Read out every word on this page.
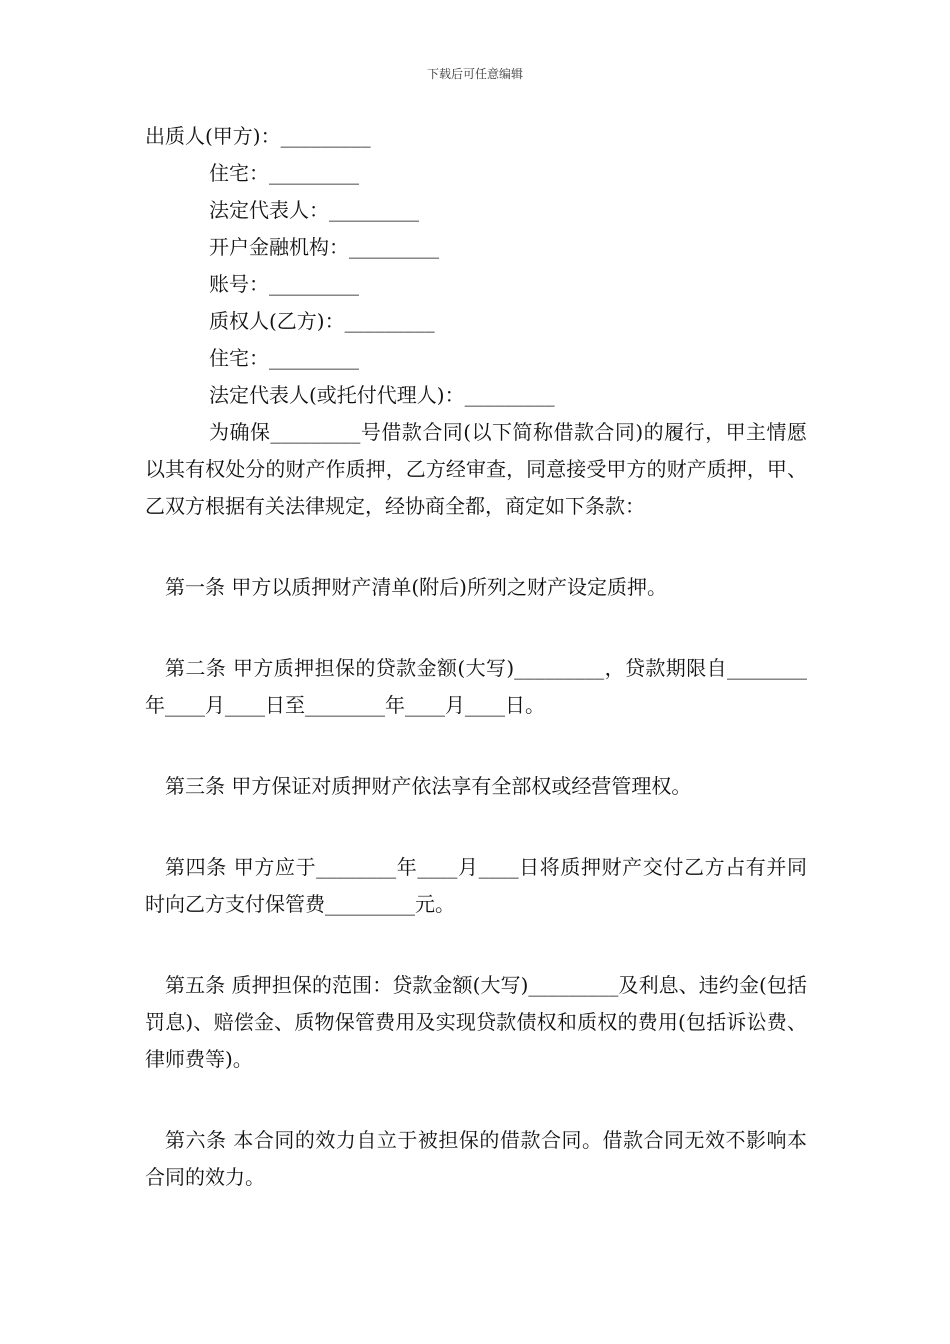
下载后可任意编辑
出质人(甲方)：_________
住宅：_________
法定代表人：_________
开户金融机构：_________
账号：_________
质权人(乙方)：_________
住宅：_________
法定代表人(或托付代理人)：_________
为确保_________号借款合同(以下简称借款合同)的履行，甲主情愿以其有权处分的财产作质押，乙方经审查，同意接受甲方的财产质押，甲、乙双方根据有关法律规定，经协商全都，商定如下条款：
第一条 甲方以质押财产清单(附后)所列之财产设定质押。
第二条 甲方质押担保的贷款金额(大写)_________，贷款期限自________年____月____日至________年____月____日。
第三条 甲方保证对质押财产依法享有全部权或经营管理权。
第四条 甲方应于________年____月____日将质押财产交付乙方占有并同时向乙方支付保管费_________元。
第五条 质押担保的范围：贷款金额(大写)_________及利息、违约金(包括罚息)、赔偿金、质物保管费用及实现贷款债权和质权的费用(包括诉讼费、律师费等)。
第六条 本合同的效力自立于被担保的借款合同。借款合同无效不影响本合同的效力。
